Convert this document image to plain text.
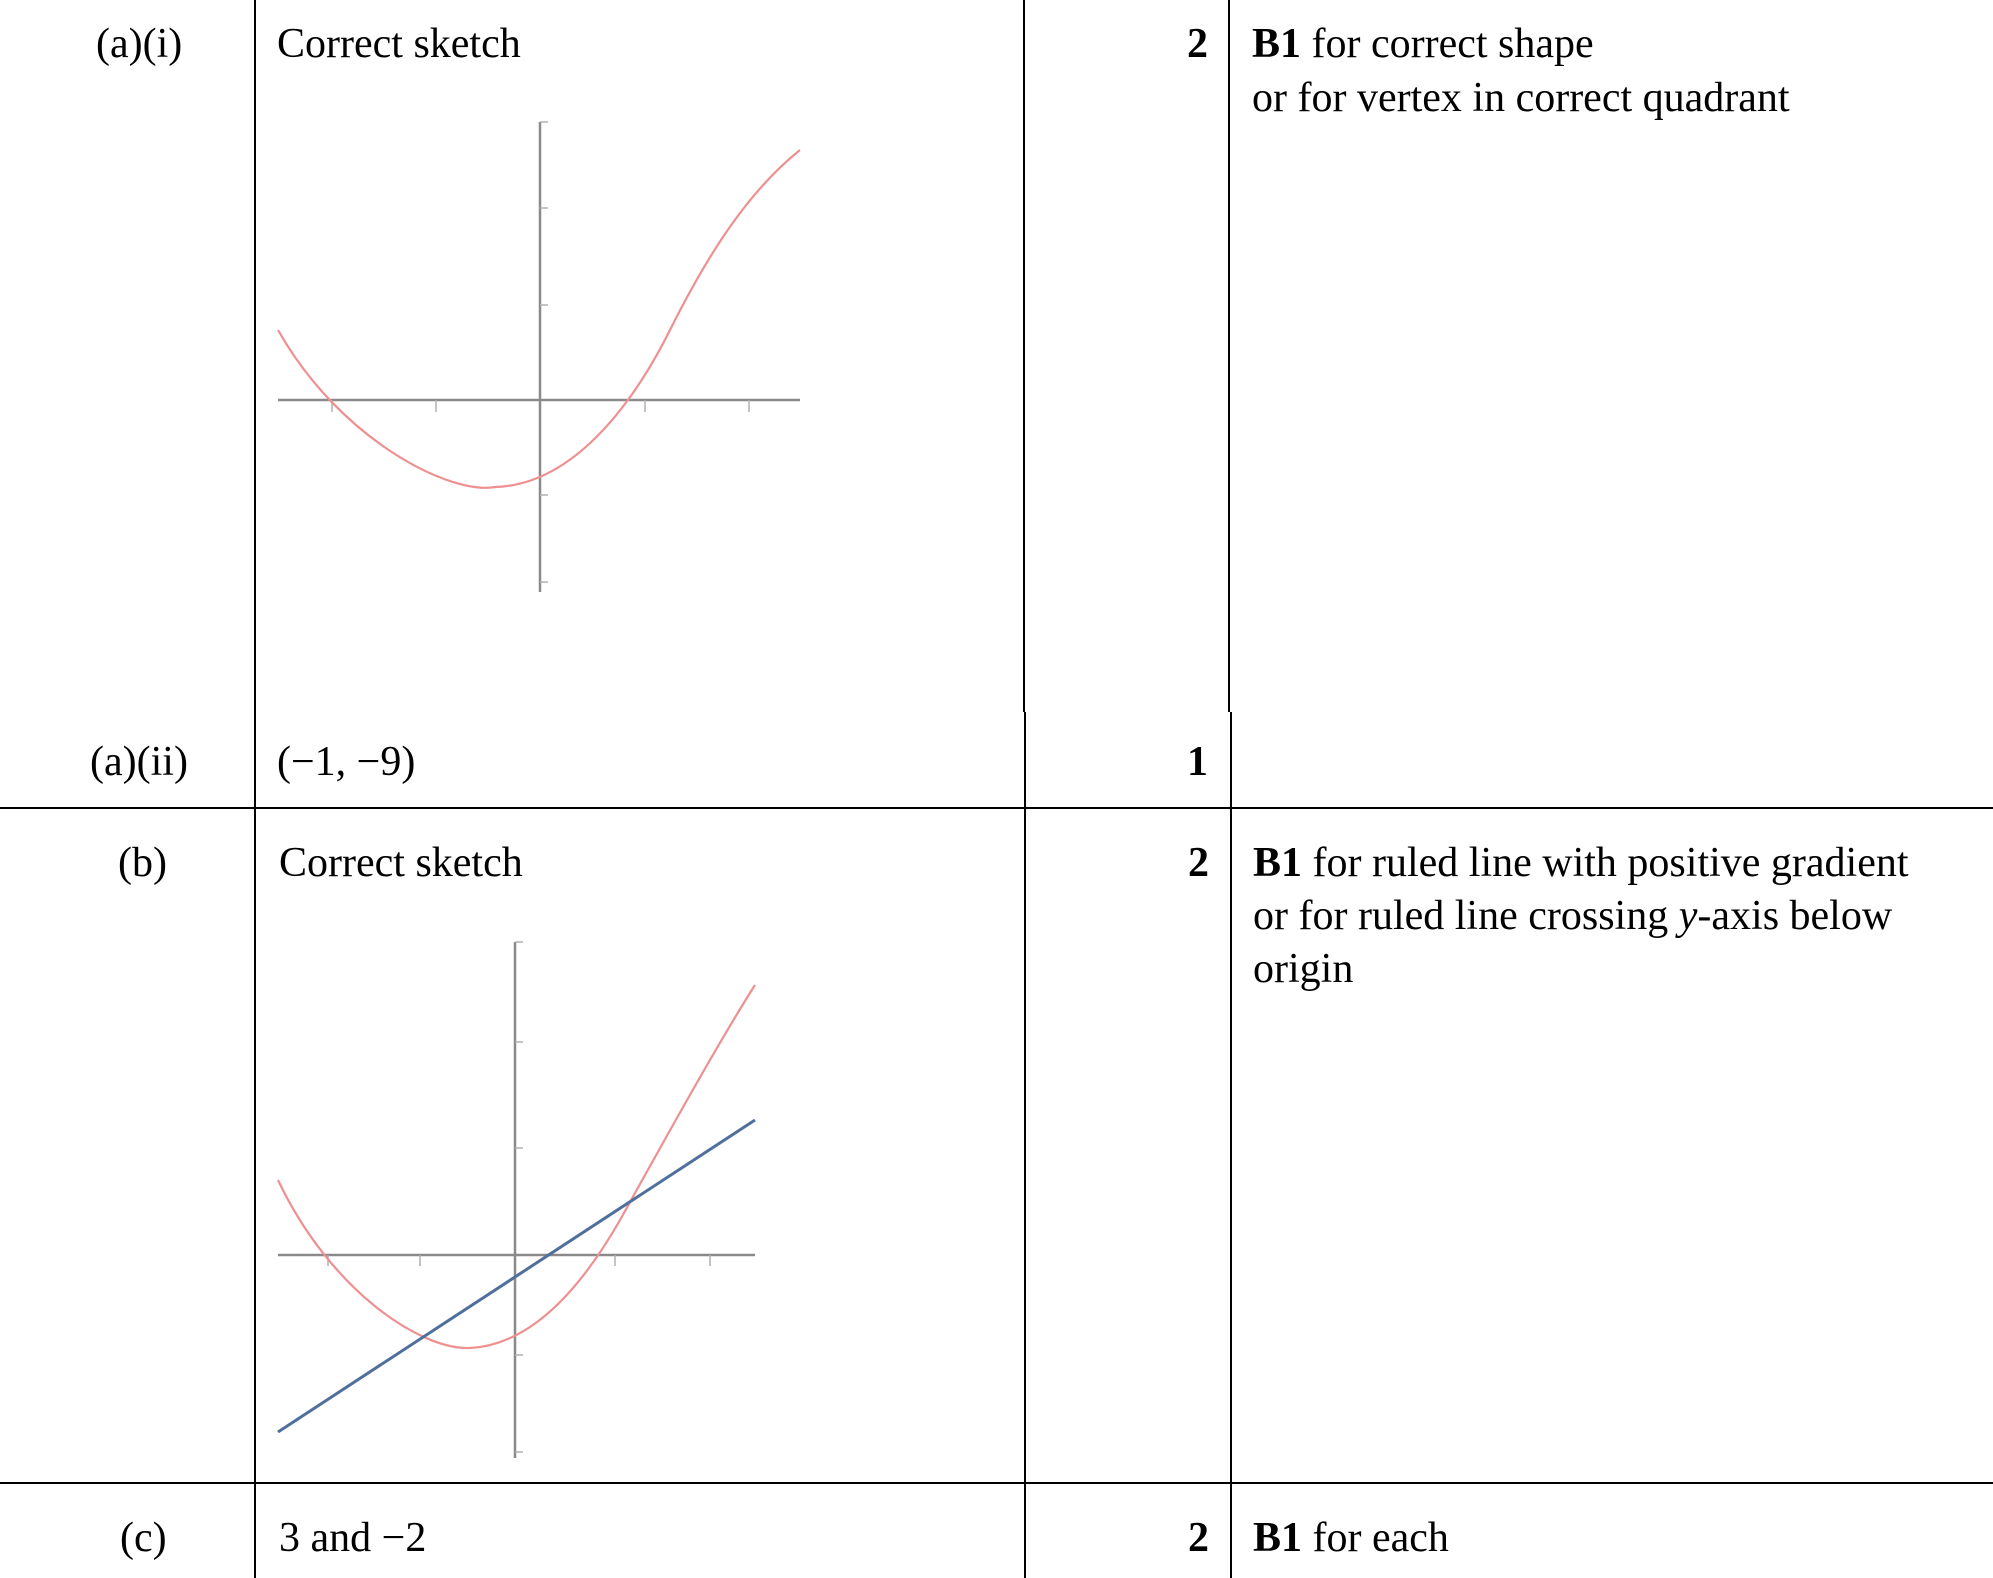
(a)(i) Correct sketch	2 B1 for correct shape
or for vertex in correct quadrant
(a)(ii) (−1, −9)	1
(b)	Correct sketch	2 B1 for ruled line with positive gradient
or for ruled line crossing y-axis below
origin
(c)	3 and −2	2 B1 for each
